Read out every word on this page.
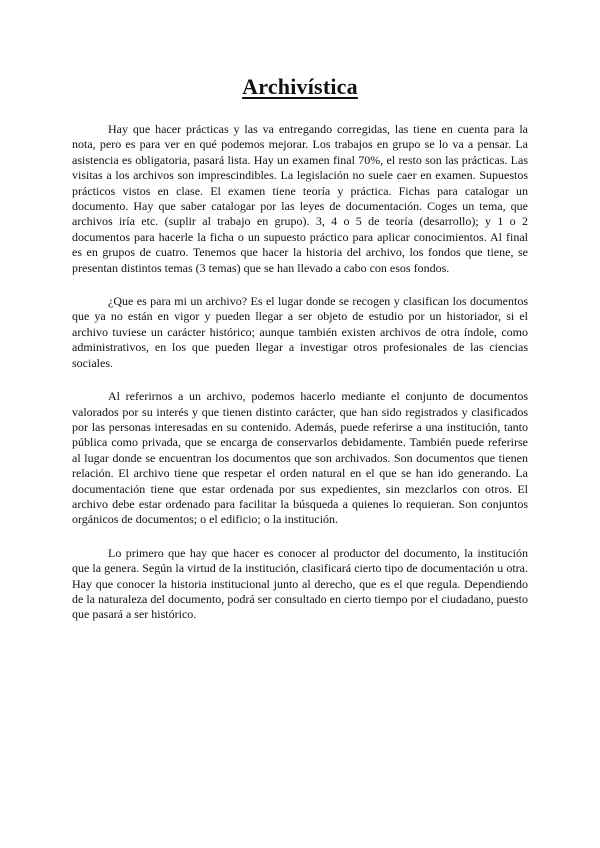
Archivística

Hay que hacer prácticas y las va entregando corregidas, las tiene en cuenta para la nota, pero es para ver en qué podemos mejorar. Los trabajos en grupo se lo va a pensar. La asistencia es obligatoria, pasará lista. Hay un examen final 70%, el resto son las prácticas. Las visitas a los archivos son imprescindibles. La legislación no suele caer en examen. Supuestos prácticos vistos en clase. El examen tiene teoría y práctica. Fichas para catalogar un documento. Hay que saber catalogar por las leyes de documentación. Coges un tema, que archivos iría etc. (suplir al trabajo en grupo). 3, 4 o 5 de teoría (desarrollo); y 1 o 2 documentos para hacerle la ficha o un supuesto práctico para aplicar conocimientos. Al final es en grupos de cuatro. Tenemos que hacer la historia del archivo, los fondos que tiene, se presentan distintos temas (3 temas) que se han llevado a cabo con esos fondos.

¿Que es para mi un archivo? Es el lugar donde se recogen y clasifican los documentos que ya no están en vigor y pueden llegar a ser objeto de estudio por un historiador, si el archivo tuviese un carácter histórico; aunque también existen archivos de otra índole, como administrativos, en los que pueden llegar a investigar otros profesionales de las ciencias sociales.

Al referirnos a un archivo, podemos hacerlo mediante el conjunto de documentos valorados por su interés y que tienen distinto carácter, que han sido registrados y clasificados por las personas interesadas en su contenido. Además, puede referirse a una institución, tanto pública como privada, que se encarga de conservarlos debidamente. También puede referirse al lugar donde se encuentran los documentos que son archivados. Son documentos que tienen relación. El archivo tiene que respetar el orden natural en el que se han ido generando. La documentación tiene que estar ordenada por sus expedientes, sin mezclarlos con otros. El archivo debe estar ordenado para facilitar la búsqueda a quienes lo requieran. Son conjuntos orgánicos de documentos; o el edificio; o la institución.

Lo primero que hay que hacer es conocer al productor del documento, la institución que la genera. Según la virtud de la institución, clasificará cierto tipo de documentación u otra. Hay que conocer la historia institucional junto al derecho, que es el que regula. Dependiendo de la naturaleza del documento, podrá ser consultado en cierto tiempo por el ciudadano, puesto que pasará a ser histórico.
